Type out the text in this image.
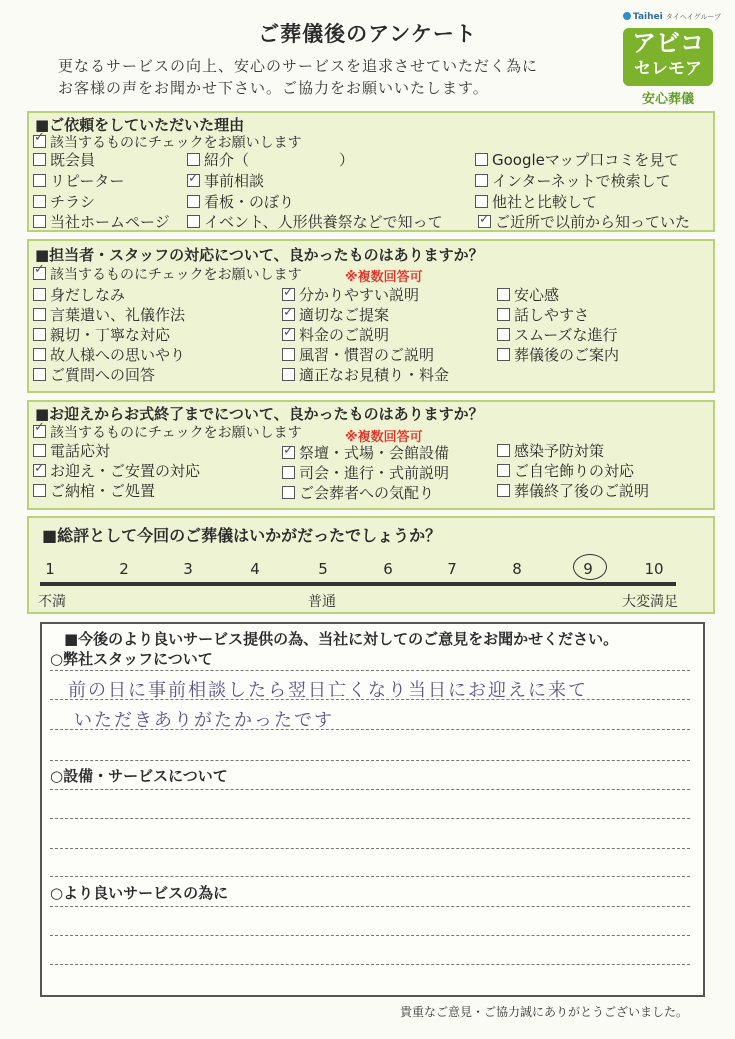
ご葬儀後のアンケート
更なるサービスの向上、安心のサービスを追求させていただく為に
お客様の声をお聞かせ下さい。ご協力をお願いいたします。
Taihei タイヘイグループ
アビコ
セレモア
安心葬儀
■ご依頼をしていただいた理由
✓該当するものにチェックをお願いします
既会員	紹介（　　　　　　）	Googleマップ口コミを見て
リピーター ✓	事前相談	インターネットで検索して
チラシ	看板・のぼり	他社と比較して
当社ホームページ	イベント、人形供養祭などで知って ✓	ご近所で以前から知っていた
■担当者・スタッフの対応について、良かったものはありますか？
✓該当するものにチェックをお願いします	※複数回答可
身だしなみ ✓	分かりやすい説明	安心感
言葉遣い、礼儀作法 ✓	適切なご提案	話しやすさ
親切・丁寧な対応 ✓	料金のご説明	スムーズな進行
故人様への思いやり	風習・慣習のご説明	葬儀後のご案内
ご質問への回答	適正なお見積り・料金
■お迎えからお式終了までについて、良かったものはありますか？
✓該当するものにチェックをお願いします	※複数回答可
電話応対 ✓	祭壇・式場・会館設備	感染予防対策
✓お迎え・ご安置の対応	司会・進行・式前説明	ご自宅飾りの対応
ご納棺・ご処置	ご会葬者への気配り	葬儀終了後のご説明
■総評として今回のご葬儀はいかがだったでしょうか？
1	2	3	4	5	6	7	8	9	10
不満	普通	大変満足
■今後のより良いサービス提供の為、当社に対してのご意見をお聞かせください。
○弊社スタッフについて
前の日に事前相談したら翌日亡くなり当日にお迎えに来て
いただきありがたかったです
○設備・サービスについて
○より良いサービスの為に
貴重なご意見・ご協力誠にありがとうございました。
